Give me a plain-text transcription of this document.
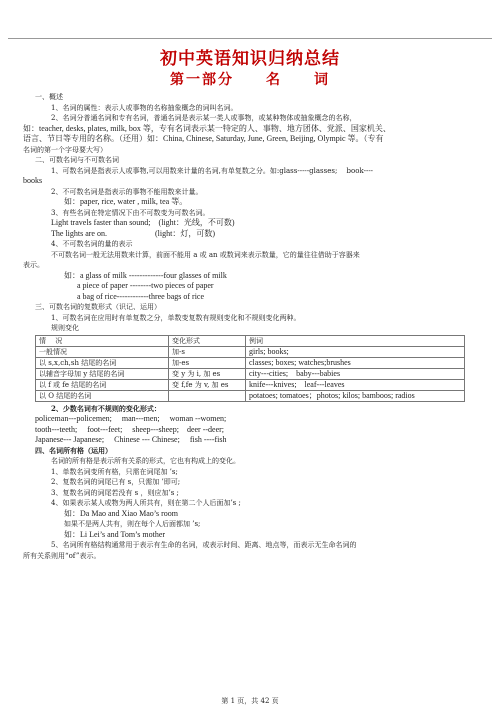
初中英语知识归纳总结
第一部分　　名　　词
一、概述
1、名词的属性：表示人或事物的名称抽象概念的词叫名词。
2、名词分普通名词和专有名词，普通名词是表示某一类人或事物，或某种物体或抽象概念的名称，
如：teacher, desks, plates, milk, box 等，专有名词表示某一特定的人、事物、地方团体、党派、国家机关、
语言、节日等专用的名称。（还用）如：China, Chinese, Saturday, June, Green, Beijing, Olympic 等。（专有
名词的第一个字母要大写）
二、可数名词与不可数名词
1、可数名词是指表示人或事物,可以用数来计量的名词,有单复数之分。如:glass-----glasses;　 book----
books
2、不可数名词是指表示的事物不能用数来计量。
如：paper, rice, water , milk, tea 等。
3、有些名词在特定情况下由不可数变为可数名词。
Light travels faster than sound;　(light：光线，不可数)
The lights are on.　　　　　　(light：灯，可数)
4、不可数名词的量的表示
不可数名词一般无法用数来计算，前面不能用 a 或 an 或数词来表示数量，它的量往往借助于容器来
表示。
如：a glass of milk -------------four glasses of milk
a piece of paper --------two pieces of paper
a bag of rice------------three bags of rice
三、可数名词的复数形式（识记、运用）
1、可数名词在应用时有单复数之分，单数变复数有规则变化和不规则变化两种。
规则变化
情　 况	变化形式	例词
一般情况	加-s	girls; books;
以 s,x,ch,sh 结尾的名词	加-es	classes; boxes; watches;brushes
以辅音字母加 y 结尾的名词	变 y 为 i, 加 es	city---cities;　baby---babies
以 f 或 fe 结尾的名词	变 f,fe 为 v, 加 es	knife---knives;　leaf---leaves
以 O 结尾的名词		potatoes; tomatoes；photos; kilos; bamboos; radios
2、少数名词有不规则的变化形式：
policeman---policemen;　 man---men;　 woman --women;
tooth---teeth;　 foot---feet;　 sheep---sheep;　deer --deer;
Japanese--- Japanese;　 Chinese --- Chinese;　 fish ----fish
四、名词所有格（运用）
名词的所有格是表示所有关系的形式，它也有构成上的变化。
1、单数名词变所有格，只需在词尾加 ’s;
2、复数名词的词尾已有 s，只需加 ’即可;
3、复数名词的词尾若没有 s ，则应加’s ;
4、如果表示某人或物为两人所共有，则在第二个人后面加’s ;
如：Da Mao and Xiao Mao’s room
如果不是两人共有，则在每个人后面都加 ’s;
如：Li Lei’s and Tom’s mother
5、名词所有格结构通常用于表示有生命的名词，或表示时间、距离、地点等，而表示无生命名词的
所有关系则用“of”表示。
第 1 页，共 42 页
